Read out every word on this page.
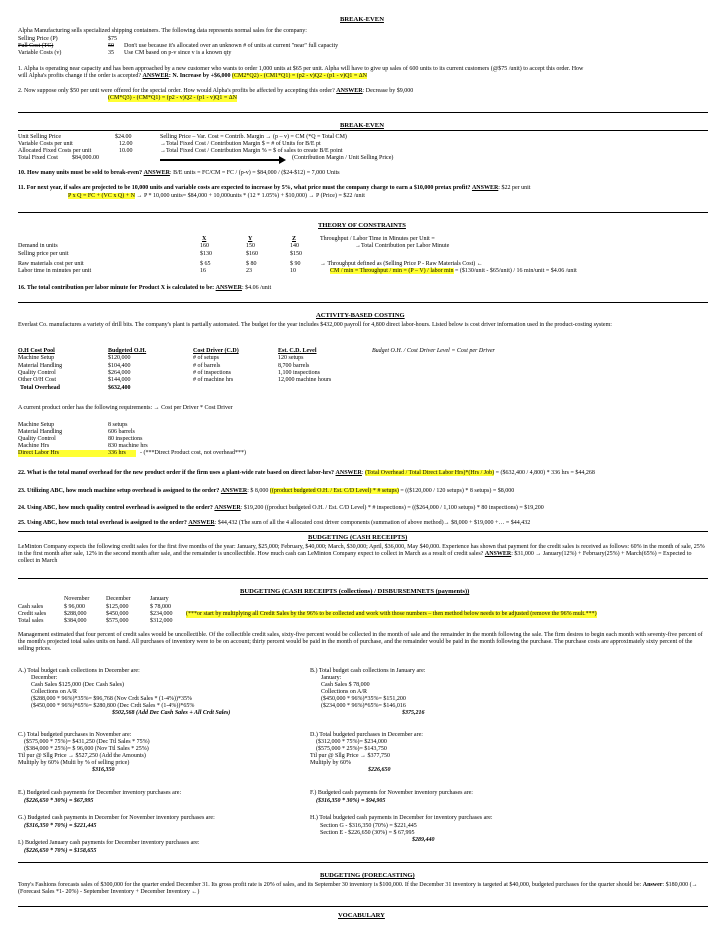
BREAK-EVEN
Alpha Manufacturing sells specialized shipping containers. The following data represents normal sales for the company:
Selling Price (P)	$75
Full Cost (TC)	50 Don't use because it's allocated over an unknown # of units at current "near" full capacity
Variable Costs (v)	35 Use CM based on p-v since v is a known qty
1. Alpha is operating near capacity and has been approached by a new customer who wants to order 1,000 units at $65 per unit. Alpha will have to give up sales of 600 units to its current customers (@$75 /unit) to accept this order. How
will Alpha's profits change if the order is accepted? ANSWER: N. Increase by +$6,000 (CM2*Q2) - (CM1*Q1) = (p2 - v)Q2 - (p1 - v)Q1 = ΔN
2. Now suppose only $50 per unit were offered for the special order. How would Alpha's profits be affected by accepting this order? ANSWER: Decrease by $9,000
(CM*Q3) - (CM*Q1) = (p2 - v)Q2 - (p1 - v)Q1 = ΔN
BREAK-EVEN
Unit Selling Price	$24.00
Variable Costs per unit	12.00
Allocated Fixed Costs per unit	10.00
Total Fixed Cost $84,000.00
Selling Price – Var. Cost = Contrib. Margin → (p – v) = CM (*Q = Total CM)
→Total Fixed Cost / Contribution Margin $ = # of Units for B/E pt
→Total Fixed Cost / Contribution Margin % = $ of sales to create B/E point
(Contribution Margin / Unit Selling Price)
10. How many units must be sold to break-even? ANSWER: B/E units = FC/CM = FC / (p-v) = $84,000 / ($24-$12) = 7,000 Units
11. For next year, if sales are projected to be 10,000 units and variable costs are expected to increase by 5%, what price must the company charge to earn a $10,000 pretax profit? ANSWER: $22 per unit
P x Q = FC + (VC x Q) + N → P * 10,000 units= $84,000 + 10,000units * (12 * 1.05%) + $10,000) → P (Price) = $22 /unit
THEORY OF CONSTRAINTS
X	Y	Z	Throughput / Labor Time in Minutes per Unit =
→Total Contribution per Labor Minute
Demand in units	160	150	140
Selling price per unit	$130	$160	$150
Raw materials cost per unit	$ 65	$ 80	$ 90	→ Throughput defined as (Selling Price P - Raw Materials Cost) ←
Labor time in minutes per unit	16	23	10	CM / min = Throughput / min = (P – V) / labor min = ($130/unit - $65/unit) / 16 min/unit = $4.06 /unit
16. The total contribution per labor minute for Product X is calculated to be: ANSWER: $4.06 /unit
ACTIVITY-BASED COSTING
Everlast Co. manufactures a variety of drill bits. The company's plant is partially automated. The budget for the year includes $432,000 payroll for 4,800 direct labor-hours. Listed below is cost driver information used in the product-costing system:
O.H Cost Pool	Budgeted O.H.	Cost Driver (C.D)	Est. C.D. Level	Budget O.H. / Cost Driver Level = Cost per Driver
Machine Setup	$120,000	# of setups	120 setups
Material Handling	$104,400	# of barrels	8,700 barrels
Quality Control	$264,000	# of inspections	1,100 inspections
Other O/H Cost	$144,000	# of machine hrs	12,000 machine hours
Total Overhead	$632,400
A current product order has the following requirements: → Cost per Driver * Cost Driver
Machine Setup	8 setups
Material Handling	606 barrels
Quality Control	80 inspections
Machine Hrs	830 machine hrs
Direct Labor Hrs	336 hrs - (***Direct Product cost, not overhead***)
22. What is the total manuf overhead for the new product order if the firm uses a plant-wide rate based on direct labor-hrs? ANSWER: (Total Overhead / Total Direct Labor Hrs)*(Hrs / Job) = ($632,400 / 4,800) * 336 hrs = $44,268
23. Utilizing ABC, how much machine setup overhead is assigned to the order? ANSWER: $ 8,000 ((product budgeted O.H. / Est. C/D Level) * # setups) = (($120,000 / 120 setups) * 8 setups) = $8,000
24. Using ABC, how much quality control overhead is assigned to the order? ANSWER: $19,200 ((product budgeted O.H. / Est. C/D Level) * # inspections) = (($264,000 / 1,100 setups) * 80 inspections) = $19,200
25. Using ABC, how much total overhead is assigned to the order? ANSWER: $44,432 (The sum of all the 4 allocated cost driver components (summation of above method)→ $8,000 + $19,000 +… = $44,432
BUDGETING (CASH RECEIPTS)
LeMinton Company expects the following credit sales for the first five months of the year: January, $25,000; February, $40,000; March, $30,000; April, $36,000, May $40,000. Experience has shown that payment for the credit sales is received as follows: 60% in the month of sale, 25% in the first month after sale, 12% in the second month after sale, and the remainder is uncollectible. How much cash can LeMinton Company expect to collect in March as a result of credit sales? ANSWER: $31,000 → January(12%) + February(25%) + March(65%) = Expected to collect in March
BUDGETING (CASH RECEIPTS (collections) / DISBURSEMNETS (payments))
November	December	January
Cash sales	$ 96,000	$125,000	$ 78,000
Credit sales	$288,000	$450,000	$234,000 (***or start by multiplying all Credit Sales by the 96% to be collected and work with those numbers – then method below needs to be adjusted (remove the 96% mult.***)
Total sales	$384,000	$575,000	$312,000
Management estimated that four percent of credit sales would be uncollectible. Of the collectible credit sales, sixty-five percent would be collected in the month of sale and the remainder in the month following the sale. The firm desires to begin each month with seventy-five percent of the month's projected total sales units on hand. All purchases of inventory were to be on account; thirty percent would be paid in the month of purchase, and the remainder would be paid in the month following the purchase. The purchase costs are approximately sixty percent of the selling prices.
A.) Total budget cash collections in December are:
December:
Cash Sales $125,000 (Dec Cash Sales)
Collections on A/R
($288,000 * 96%)*35%= $96,768 (Nov Crdt Sales * (1-4%))*35%
($450,000 * 96%)*65%= $280,800 (Dec Crdt Sales * (1-4%))*65%
$502,568 (Add Dec Cash Sales + All Crdt Sales)
B.) Total budget cash collections in January are:
January:
Cash Sales $ 78,000
Collections on A/R
($450,000 * 96%)*35%= $151,200
($234,000 * 96%)*65%= $146,016
$375,216
C.) Total budgeted purchases in November are:
($575,000 * 75%)= $431,250 (Dec Ttl Sales * 75%)
($384,000 * 25%)= $ 96,000 (Nov Ttl Sales * 25%)
Ttl pur @ Sllg Price → $527,250 (Add the Amounts)
Mulitply by 60% (Multi by % of selling price)
$316,350
D.) Total budgeted purchases in December are:
($312,000 * 75%)= $234,000
($575,000 * 25%)= $143,750
Ttl pur @ Sllg Price → $377,750
Mulitply by 60%
$226,650
E.) Budgeted cash payments for December inventory purchases are:
($226,650 * 30%) = $67,995
F.) Budgeted cash payments for November inventory purchases are:
($316,350 * 30%) = $94,905
G.) Budgeted cash payments in December for November inventory purchases are:
($316,350 * 70%) = $221,445
H.) Total budgeted cash payments in December for inventory purchases are:
Section G - $316,350 (70%) = $221,445
Section E - $226,650 (30%) = $ 67,995
$289,440
I.) Budgeted January cash payments for December inventory purchases are:
($226,650 * 70%) = $158,655
BUDGETING (FORECASTING)
Tony's Fashions forecasts sales of $300,000 for the quarter ended December 31. Its gross profit rate is 20% of sales, and its September 30 inventory is $100,000. If the December 31 inventory is targeted at $40,000, budgeted purchases for the quarter should be: Answer: $180,000 (→ (Forecast Sales *1- 20%) - September Inventory + December Inventory ←)
VOCABULARY
